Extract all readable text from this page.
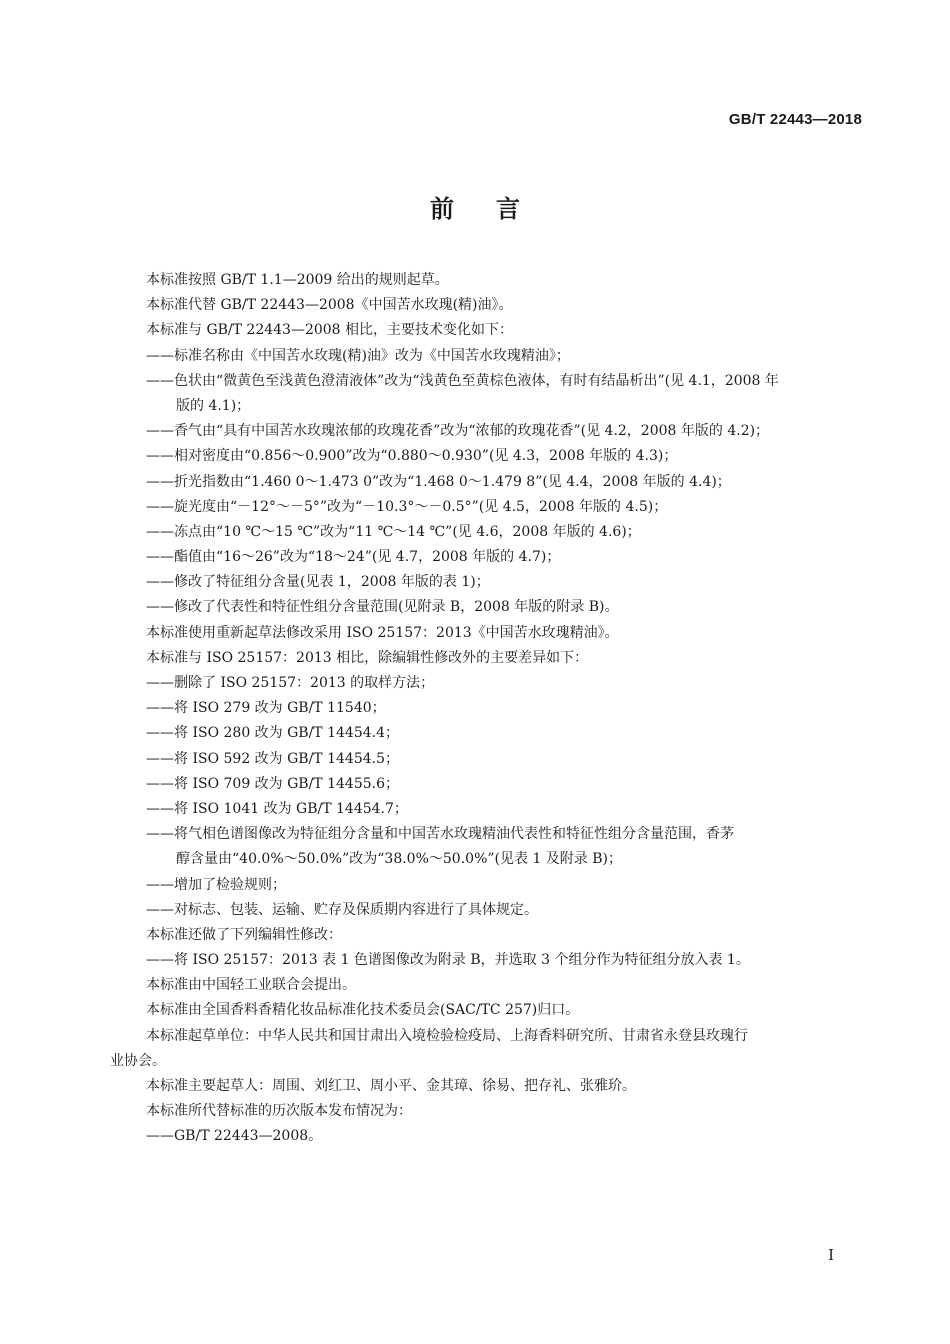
GB/T 22443—2018
前言
本标准按照 GB/T 1.1—2009 给出的规则起草。
本标准代替 GB/T 22443—2008《中国苦水玫瑰(精)油》。
本标准与 GB/T 22443—2008 相比，主要技术变化如下：
——标准名称由《中国苦水玫瑰(精)油》改为《中国苦水玫瑰精油》；
——色状由“微黄色至浅黄色澄清液体”改为“浅黄色至黄棕色液体，有时有结晶析出”(见 4.1，2008 年
版的 4.1)；
——香气由“具有中国苦水玫瑰浓郁的玫瑰花香”改为“浓郁的玫瑰花香”(见 4.2，2008 年版的 4.2)；
——相对密度由“0.856～0.900”改为“0.880～0.930”(见 4.3，2008 年版的 4.3)；
——折光指数由“1.460 0～1.473 0”改为“1.468 0～1.479 8”(见 4.4，2008 年版的 4.4)；
——旋光度由“－12°～－5°”改为“－10.3°～－0.5°”(见 4.5，2008 年版的 4.5)；
——冻点由“10 ℃～15 ℃”改为“11 ℃～14 ℃”(见 4.6，2008 年版的 4.6)；
——酯值由“16～26”改为“18～24”(见 4.7，2008 年版的 4.7)；
——修改了特征组分含量(见表 1，2008 年版的表 1)；
——修改了代表性和特征性组分含量范围(见附录 B，2008 年版的附录 B)。
本标准使用重新起草法修改采用 ISO 25157：2013《中国苦水玫瑰精油》。
本标准与 ISO 25157：2013 相比，除编辑性修改外的主要差异如下：
——删除了 ISO 25157：2013 的取样方法；
——将 ISO 279 改为 GB/T 11540；
——将 ISO 280 改为 GB/T 14454.4；
——将 ISO 592 改为 GB/T 14454.5；
——将 ISO 709 改为 GB/T 14455.6；
——将 ISO 1041 改为 GB/T 14454.7；
——将气相色谱图像改为特征组分含量和中国苦水玫瑰精油代表性和特征性组分含量范围，香茅
醇含量由“40.0%～50.0%”改为“38.0%～50.0%”(见表 1 及附录 B)；
——增加了检验规则；
——对标志、包装、运输、贮存及保质期内容进行了具体规定。
本标准还做了下列编辑性修改：
——将 ISO 25157：2013 表 1 色谱图像改为附录 B，并选取 3 个组分作为特征组分放入表 1。
本标准由中国轻工业联合会提出。
本标准由全国香料香精化妆品标准化技术委员会(SAC/TC 257)归口。
本标准起草单位：中华人民共和国甘肃出入境检验检疫局、上海香料研究所、甘肃省永登县玫瑰行
业协会。
本标准主要起草人：周围、刘红卫、周小平、金其璋、徐易、把存礼、张雅玠。
本标准所代替标准的历次版本发布情况为：
——GB/T 22443—2008。
I
